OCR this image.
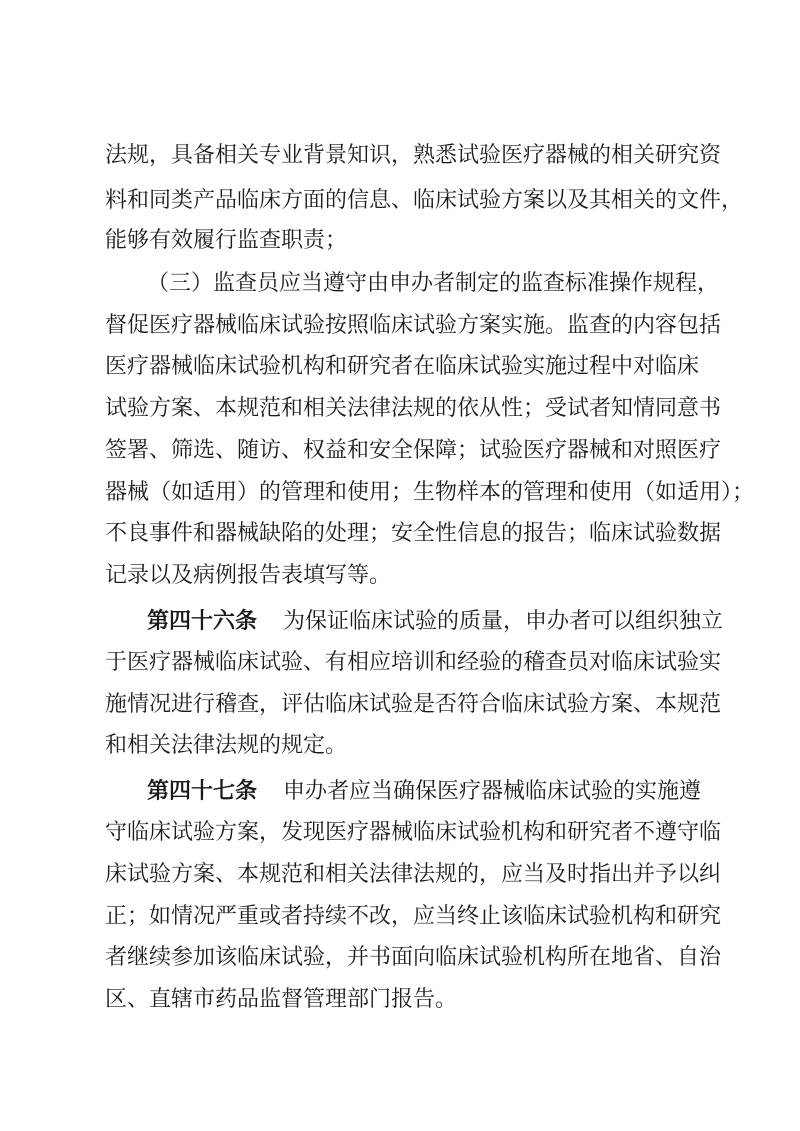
法规，具备相关专业背景知识，熟悉试验医疗器械的相关研究资
料和同类产品临床方面的信息、临床试验方案以及其相关的文件，
能够有效履行监查职责；
（三）监查员应当遵守由申办者制定的监查标准操作规程，
督促医疗器械临床试验按照临床试验方案实施。监查的内容包括
医疗器械临床试验机构和研究者在临床试验实施过程中对临床
试验方案、本规范和相关法律法规的依从性；受试者知情同意书
签署、筛选、随访、权益和安全保障；试验医疗器械和对照医疗
器械（如适用）的管理和使用；生物样本的管理和使用（如适用）；
不良事件和器械缺陷的处理；安全性信息的报告；临床试验数据
记录以及病例报告表填写等。
第四十六条 为保证临床试验的质量，申办者可以组织独立
于医疗器械临床试验、有相应培训和经验的稽查员对临床试验实
施情况进行稽查，评估临床试验是否符合临床试验方案、本规范
和相关法律法规的规定。
第四十七条 申办者应当确保医疗器械临床试验的实施遵
守临床试验方案，发现医疗器械临床试验机构和研究者不遵守临
床试验方案、本规范和相关法律法规的，应当及时指出并予以纠
正；如情况严重或者持续不改，应当终止该临床试验机构和研究
者继续参加该临床试验，并书面向临床试验机构所在地省、自治
区、直辖市药品监督管理部门报告。
